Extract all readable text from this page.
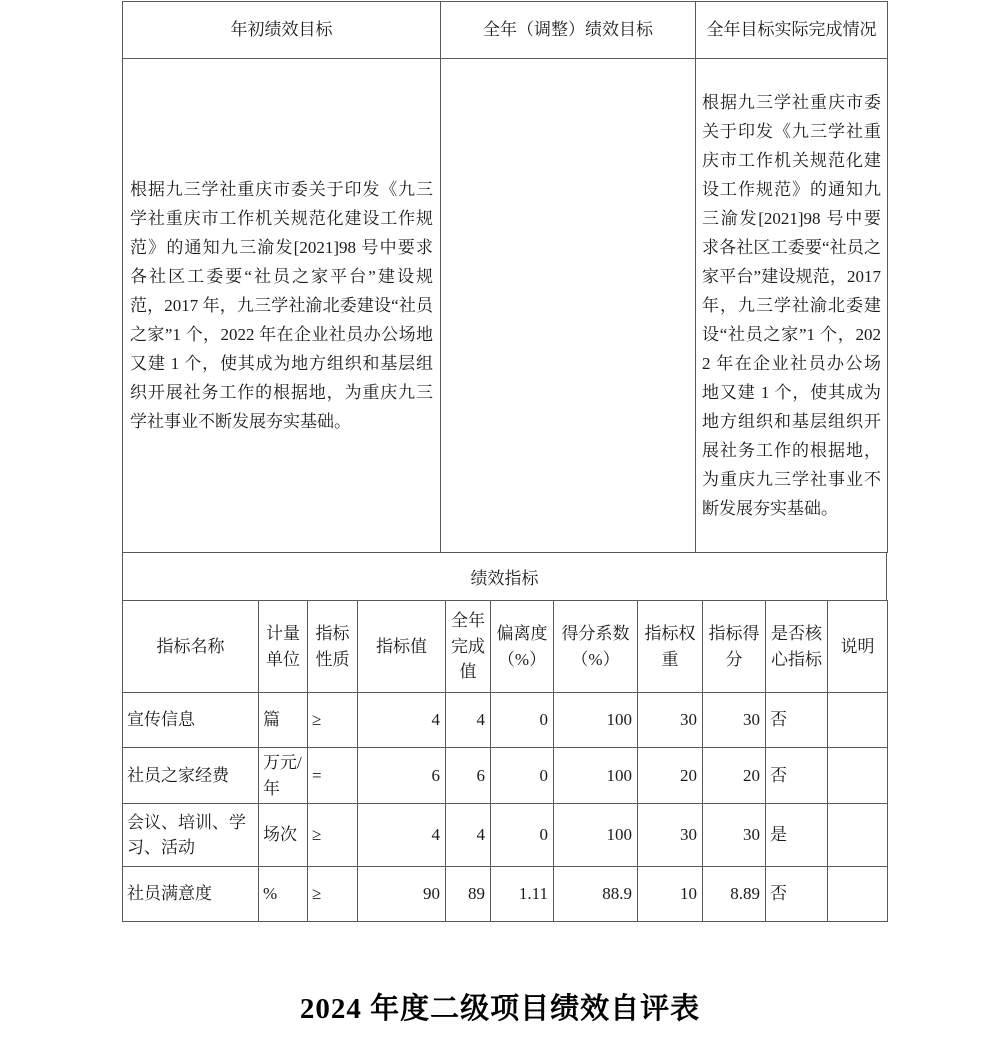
年初绩效目标	全年（调整）绩效目标	全年目标实际完成情况
根据九三学社重庆市委关于印发《九三学社重庆市工作机关规范化建设工作规范》的通知九三渝发[2021]98 号中要求各社区工委要“社员之家平台”建设规范，2017 年，九三学社渝北委建设“社员之家”1 个，2022 年在企业社员办公场地又建 1 个，使其成为地方组织和基层组织开展社务工作的根据地，为重庆九三学社事业不断发展夯实基础。		根据九三学社重庆市委关于印发《九三学社重庆市工作机关规范化建设工作规范》的通知九三渝发[2021]98 号中要求各社区工委要“社员之家平台”建设规范，2017 年，九三学社渝北委建设“社员之家”1 个，2022 年在企业社员办公场地又建 1 个，使其成为地方组织和基层组织开展社务工作的根据地，为重庆九三学社事业不断发展夯实基础。
绩效指标
指标名称	计量单位	指标性质	指标值	全年完成值	偏离度（%）	得分系数（%）	指标权重	指标得分	是否核心指标	说明
宣传信息	篇	≥	4	4	0	100	30	30	否	
社员之家经费	万元/年	=	6	6	0	100	20	20	否	
会议、培训、学习、活动	场次	≥	4	4	0	100	30	30	是	
社员满意度	%	≥	90	89	1.11	88.9	10	8.89	否	
2024 年度二级项目绩效自评表
